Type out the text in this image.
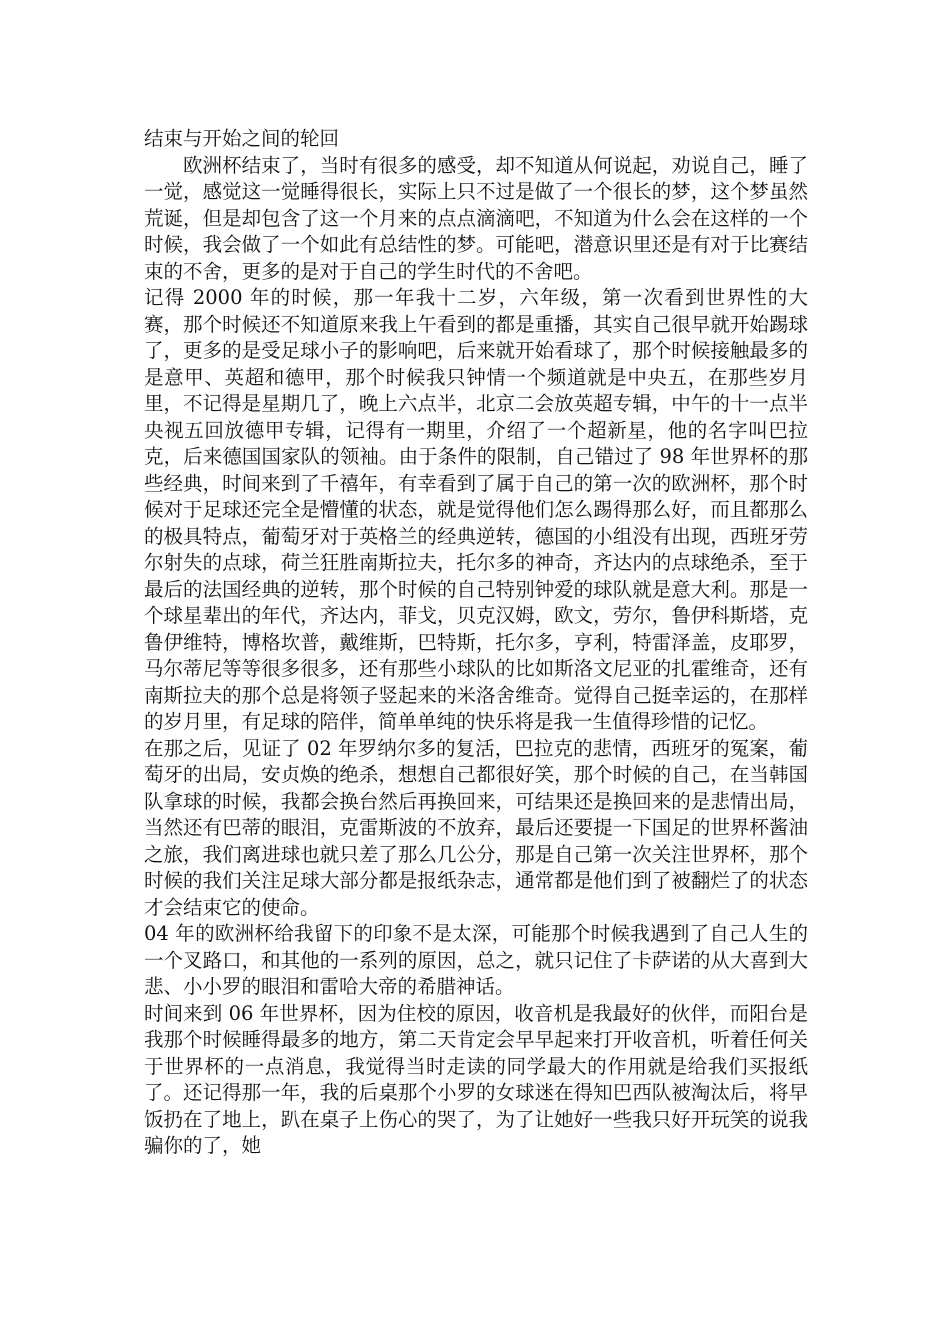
结束与开始之间的轮回

欧洲杯结束了，当时有很多的感受，却不知道从何说起，劝说自己，睡了一觉，感觉这一觉睡得很长，实际上只不过是做了一个很长的梦，这个梦虽然荒诞，但是却包含了这一个月来的点点滴滴吧，不知道为什么会在这样的一个时候，我会做了一个如此有总结性的梦。可能吧，潜意识里还是有对于比赛结束的不舍，更多的是对于自己的学生时代的不舍吧。

记得 2000 年的时候，那一年我十二岁，六年级，第一次看到世界性的大赛，那个时候还不知道原来我上午看到的都是重播，其实自己很早就开始踢球了，更多的是受足球小子的影响吧，后来就开始看球了，那个时候接触最多的是意甲、英超和德甲，那个时候我只钟情一个频道就是中央五，在那些岁月里，不记得是星期几了，晚上六点半，北京二会放英超专辑，中午的十一点半央视五回放德甲专辑，记得有一期里，介绍了一个超新星，他的名字叫巴拉克，后来德国国家队的领袖。由于条件的限制，自己错过了 98 年世界杯的那些经典，时间来到了千禧年，有幸看到了属于自己的第一次的欧洲杯，那个时候对于足球还完全是懵懂的状态，就是觉得他们怎么踢得那么好，而且都那么的极具特点，葡萄牙对于英格兰的经典逆转，德国的小组没有出现，西班牙劳尔射失的点球，荷兰狂胜南斯拉夫，托尔多的神奇，齐达内的点球绝杀，至于最后的法国经典的逆转，那个时候的自己特别钟爱的球队就是意大利。那是一个球星辈出的年代，齐达内，菲戈，贝克汉姆，欧文，劳尔，鲁伊科斯塔，克鲁伊维特，博格坎普，戴维斯，巴特斯，托尔多，亨利，特雷泽盖，皮耶罗，马尔蒂尼等等很多很多，还有那些小球队的比如斯洛文尼亚的扎霍维奇，还有南斯拉夫的那个总是将领子竖起来的米洛舍维奇。觉得自己挺幸运的，在那样的岁月里，有足球的陪伴，简单单纯的快乐将是我一生值得珍惜的记忆。

在那之后，见证了 02 年罗纳尔多的复活，巴拉克的悲情，西班牙的冤案，葡萄牙的出局，安贞焕的绝杀，想想自己都很好笑，那个时候的自己，在当韩国队拿球的时候，我都会换台然后再换回来，可结果还是换回来的是悲情出局，当然还有巴蒂的眼泪，克雷斯波的不放弃，最后还要提一下国足的世界杯酱油之旅，我们离进球也就只差了那么几公分，那是自己第一次关注世界杯，那个时候的我们关注足球大部分都是报纸杂志，通常都是他们到了被翻烂了的状态才会结束它的使命。

04 年的欧洲杯给我留下的印象不是太深，可能那个时候我遇到了自己人生的一个叉路口，和其他的一系列的原因，总之，就只记住了卡萨诺的从大喜到大悲、小小罗的眼泪和雷哈大帝的希腊神话。

时间来到 06 年世界杯，因为住校的原因，收音机是我最好的伙伴，而阳台是我那个时候睡得最多的地方，第二天肯定会早早起来打开收音机，听着任何关于世界杯的一点消息，我觉得当时走读的同学最大的作用就是给我们买报纸了。还记得那一年，我的后桌那个小罗的女球迷在得知巴西队被淘汰后，将早饭扔在了地上，趴在桌子上伤心的哭了，为了让她好一些我只好开玩笑的说我骗你的了，她
